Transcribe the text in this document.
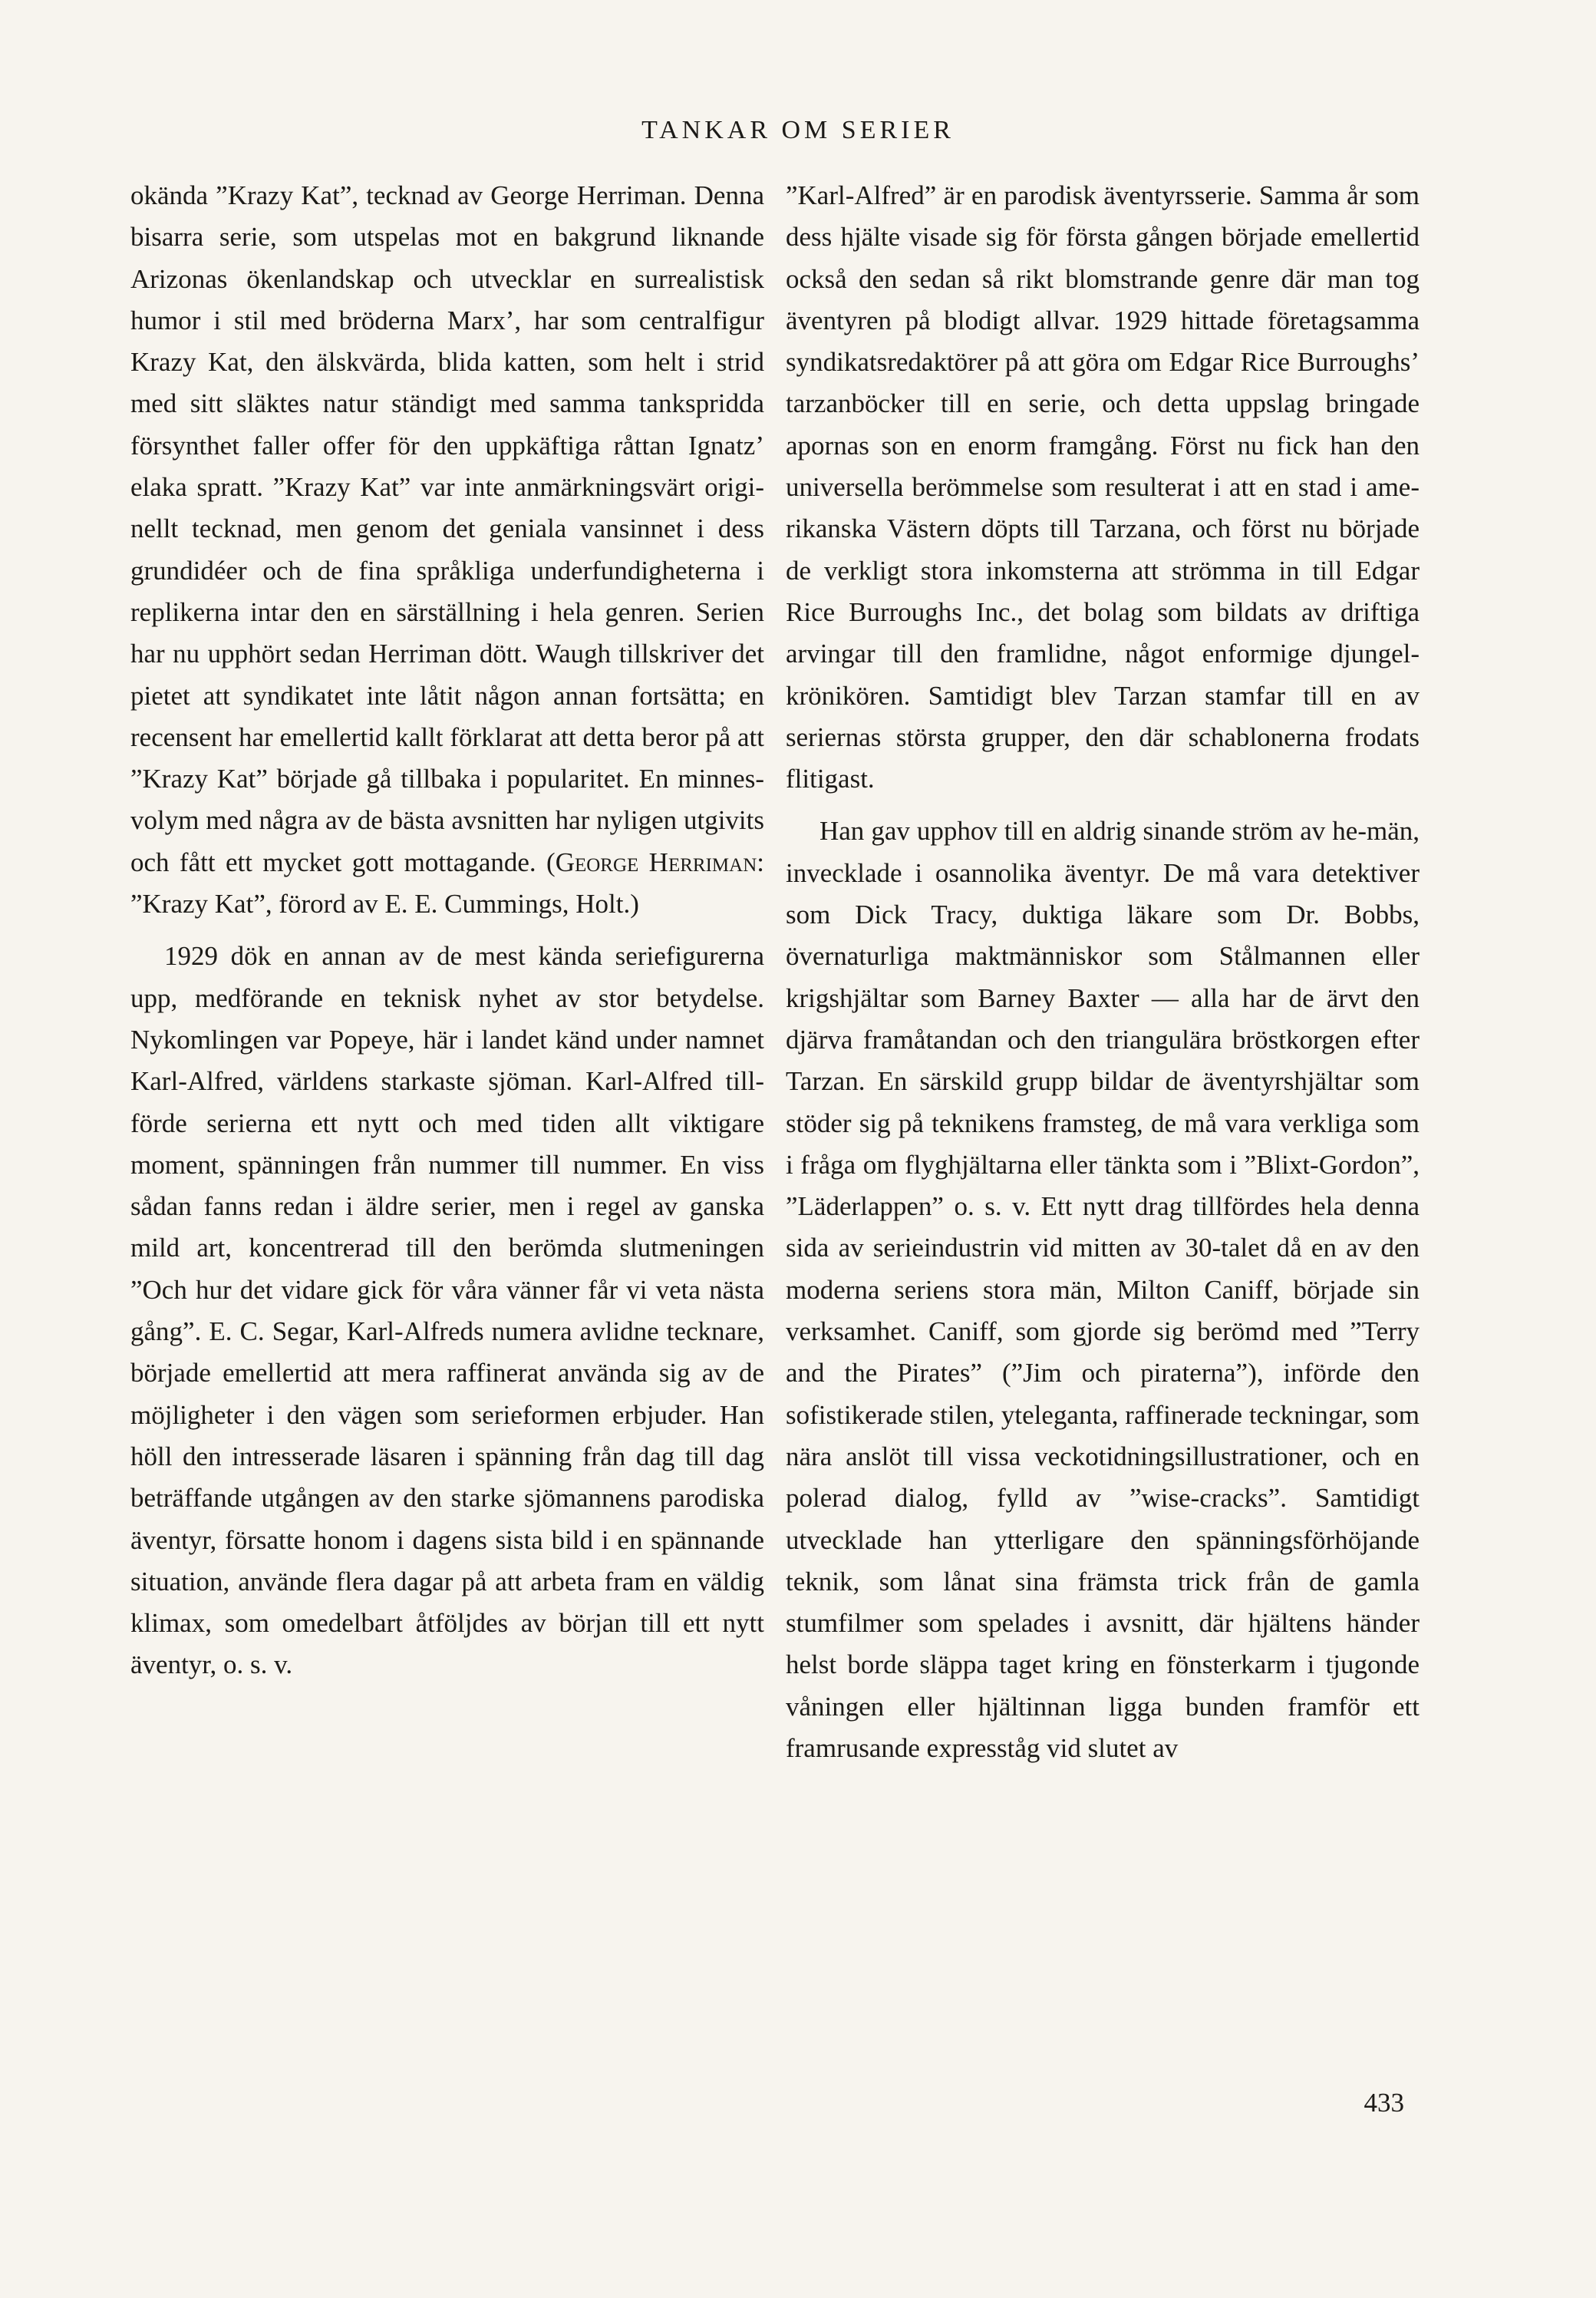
TANKAR OM SERIER

okända ”Krazy Kat”, tecknad av George Herriman. Denna bisarra serie, som utspelas mot en bakgrund liknande Arizonas ökenlandskap och utvecklar en surrealistisk humor i stil med bröderna Marx’, har som centralfigur Krazy Kat, den älskvärda, blida katten, som helt i strid med sitt släktes natur ständigt med samma tankspridda försynthet faller offer för den uppkäftiga råttan Ignatz’ elaka spratt. ”Krazy Kat” var inte anmärkningsvärt originellt tecknad, men genom det geniala vansinnet i dess grundidéer och de fina språkliga underfundigheterna i replikerna intar den en särställning i hela genren. Serien har nu upphört sedan Herriman dött. Waugh tillskriver det pietet att syndikatet inte låtit någon annan fortsätta; en recensent har emellertid kallt förklarat att detta beror på att ”Krazy Kat” började gå tillbaka i popularitet. En minnesvolym med några av de bästa avsnitten har nyligen utgivits och fått ett mycket gott mottagande. (George Herriman: ”Krazy Kat”, förord av E. E. Cummings, Holt.)

1929 dök en annan av de mest kända seriefigurerna upp, medförande en teknisk nyhet av stor betydelse. Nykomlingen var Popeye, här i landet känd under namnet Karl-Alfred, världens starkaste sjöman. Karl-Alfred tillförde serierna ett nytt och med tiden allt viktigare moment, spänningen från nummer till nummer. En viss sådan fanns redan i äldre serier, men i regel av ganska mild art, koncentrerad till den berömda slutmeningen ”Och hur det vidare gick för våra vänner får vi veta nästa gång”. E. C. Segar, Karl-Alfreds numera avlidne tecknare, började emellertid att mera raffinerat använda sig av de möjligheter i den vägen som serieformen erbjuder. Han höll den intresserade läsaren i spänning från dag till dag beträffande utgången av den starke sjömannens parodiska äventyr, försatte honom i dagens sista bild i en spännande situation, använde flera dagar på att arbeta fram en väldig klimax, som omedelbart åtföljdes av början till ett nytt äventyr, o. s. v.

”Karl-Alfred” är en parodisk äventyrsserie. Samma år som dess hjälte visade sig för första gången började emellertid också den sedan så rikt blomstrande genre där man tog äventyren på blodigt allvar. 1929 hittade företagsamma syndikatsredaktörer på att göra om Edgar Rice Burroughs’ tarzanböcker till en serie, och detta uppslag bringade apornas son en enorm framgång. Först nu fick han den universella berömmelse som resulterat i att en stad i amerikanska Västern döpts till Tarzana, och först nu började de verkligt stora inkomsterna att strömma in till Edgar Rice Burroughs Inc., det bolag som bildats av driftiga arvingar till den framlidne, något enformige djungelkrönikören. Samtidigt blev Tarzan stamfar till en av seriernas största grupper, den där schablonerna frodats flitigast.

Han gav upphov till en aldrig sinande ström av he-män, invecklade i osannolika äventyr. De må vara detektiver som Dick Tracy, duktiga läkare som Dr. Bobbs, övernaturliga maktmänniskor som Stålmannen eller krigshjältar som Barney Baxter — alla har de ärvt den djärva framåtandan och den triangulära bröstkorgen efter Tarzan. En särskild grupp bildar de äventyrshjältar som stöder sig på teknikens framsteg, de må vara verkliga som i fråga om flyghjältarna eller tänkta som i ”Blixt-Gordon”, ”Läderlappen” o. s. v. Ett nytt drag tillfördes hela denna sida av serieindustrin vid mitten av 30-talet då en av den moderna seriens stora män, Milton Caniff, började sin verksamhet. Caniff, som gjorde sig berömd med ”Terry and the Pirates” (”Jim och piraterna”), införde den sofistikerade stilen, yteleganta, raffinerade teckningar, som nära anslöt till vissa veckotidningsillustrationer, och en polerad dialog, fylld av ”wise-cracks”. Samtidigt utvecklade han ytterligare den spänningsförhöjande teknik, som lånat sina främsta trick från de gamla stumfilmer som spelades i avsnitt, där hjältens händer helst borde släppa taget kring en fönsterkarm i tjugonde våningen eller hjältinnan ligga bunden framför ett framrusande expresståg vid slutet av

433
